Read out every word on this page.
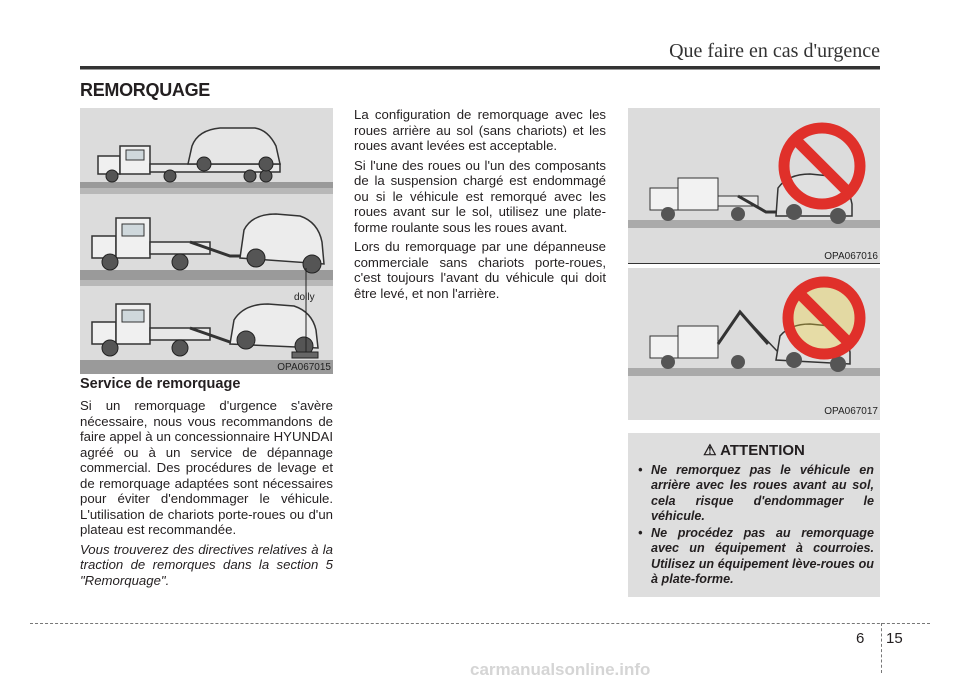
Que faire en cas d'urgence
REMORQUAGE
dolly
OPA067015
Service de remorquage

Si un remorquage d'urgence s'avère nécessaire, nous vous recommandons de faire appel à un concessionnaire HYUNDAI agréé ou à un service de dépannage commercial. Des procédures de levage et de remorquage adaptées sont nécessaires pour éviter d'endommager le véhicule. L'utilisation de chariots porte-roues ou d'un plateau est recommandée.

Vous trouverez des directives relatives à la traction de remorques dans la section 5 "Remorquage".

La configuration de remorquage avec les roues arrière au sol (sans chariots) et les roues avant levées est acceptable.

Si l'une des roues ou l'un des composants de la suspension chargé est endommagé ou si le véhicule est remorqué avec les roues avant sur le sol, utilisez une plate-forme roulante sous les roues avant.

Lors du remorquage par une dépanneuse commerciale sans chariots porte-roues, c'est toujours l'avant du véhicule qui doit être levé, et non l'arrière.

OPA067016
OPA067017
⚠ ATTENTION
• Ne remorquez pas le véhicule en arrière avec les roues avant au sol, cela risque d'endommager le véhicule.
• Ne procédez pas au remorquage avec un équipement à courroies. Utilisez un équipement lève-roues ou à plate-forme.
6 15
carmanualsonline.info
